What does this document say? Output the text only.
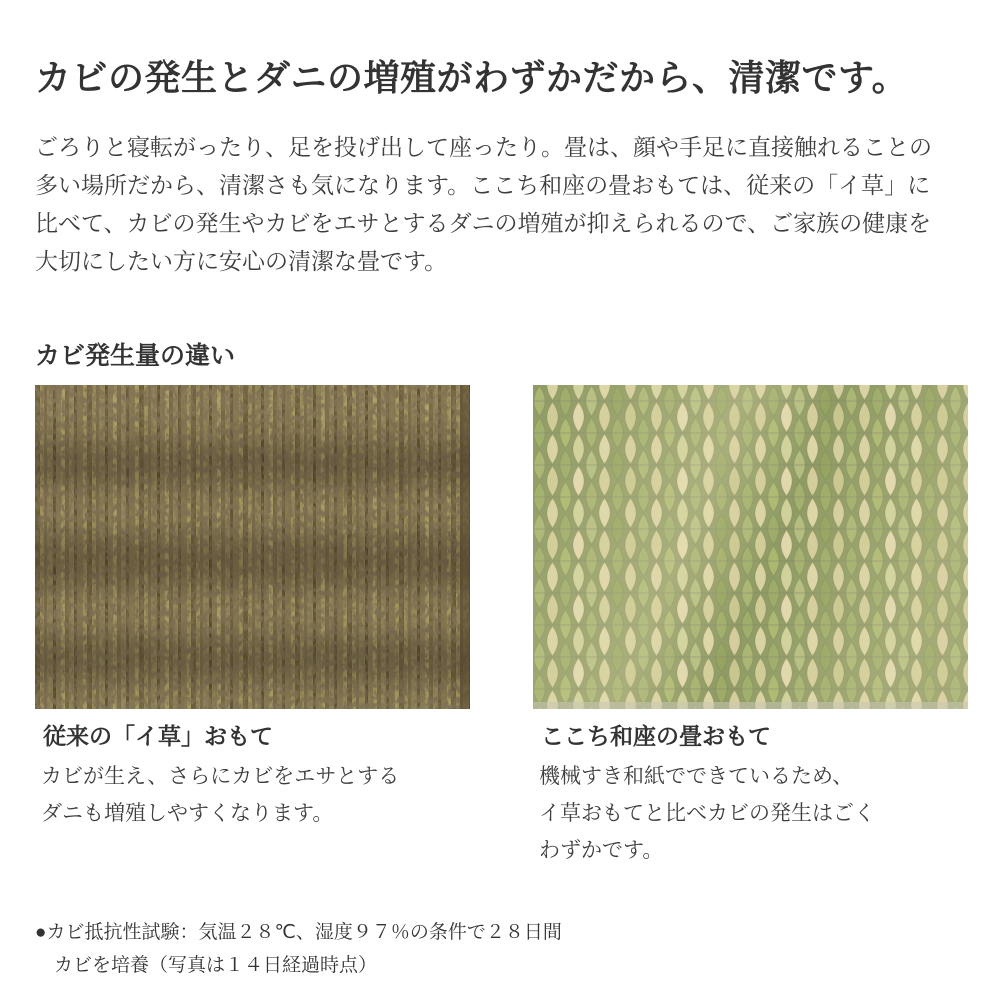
カビの発生とダニの増殖がわずかだから、清潔です。
ごろりと寝転がったり、足を投げ出して座ったり。畳は、顔や手足に直接触れることの
多い場所だから、清潔さも気になります。ここち和座の畳おもては、従来の「イ草」に
比べて、カビの発生やカビをエサとするダニの増殖が抑えられるので、ご家族の健康を
大切にしたい方に安心の清潔な畳です。
カビ発生量の違い
従来の「イ草」おもて
カビが生え、さらにカビをエサとする
ダニも増殖しやすくなります。
ここち和座の畳おもて
機械すき和紙でできているため、
イ草おもてと比べカビの発生はごく
わずかです。
●カビ抵抗性試験：気温２８℃、湿度９７％の条件で２８日間
カビを培養（写真は１４日経過時点）
